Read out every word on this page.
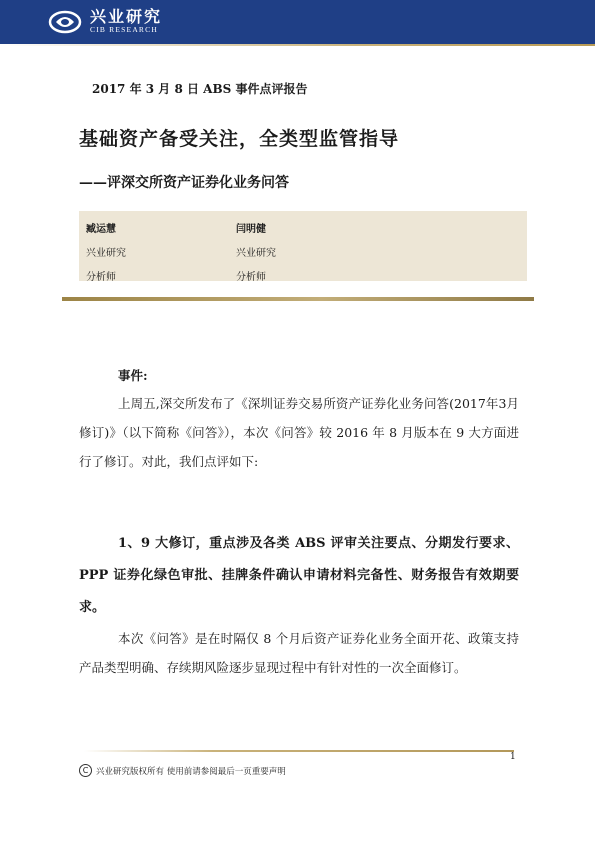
兴业研究
CIB RESEARCH
2017 年 3 月 8 日 ABS 事件点评报告
基础资产备受关注，全类型监管指导
——评深交所资产证券化业务问答
臧运慧
兴业研究
分析师
闫明健
兴业研究
分析师
事件:
上周五,深交所发布了《深圳证券交易所资产证券化业务问答(2017年3月修订)》（以下简称《问答》），本次《问答》较 2016 年 8 月版本在 9 大方面进行了修订。对此，我们点评如下:
1、9 大修订，重点涉及各类 ABS 评审关注要点、分期发行要求、PPP 证券化绿色审批、挂牌条件确认申请材料完备性、财务报告有效期要求。
本次《问答》是在时隔仅 8 个月后资产证券化业务全面开花、政策支持产品类型明确、存续期风险逐步显现过程中有针对性的一次全面修订。
1
C 兴业研究版权所有 使用前请参阅最后一页重要声明
